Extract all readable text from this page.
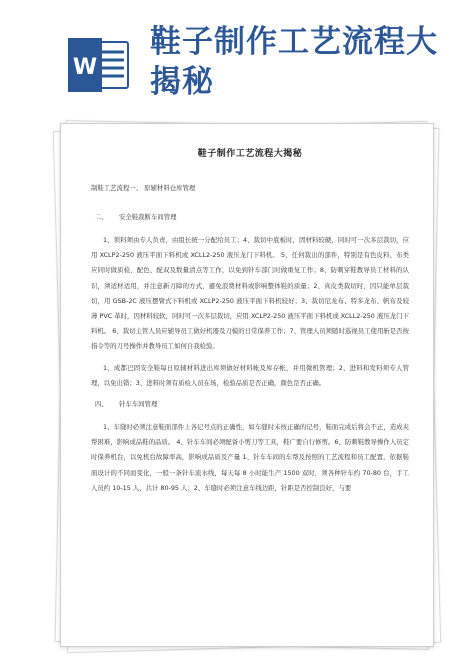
W
鞋子制作工艺流程大揭秘
鞋子制作工艺流程大揭秘

制鞋工艺流程一、 原辅材料仓库管理

二、 安全鞋裁断车间管理

1、领料须由专人负责，由组长统一分配给员工；4、裁切中底板时，固材料较硬，同时可一次多层裁切，应用 XCLP2-250 液压平面下料机或 XCLL2-250 液压龙门下料机。 5、任何裁出的部件，特别是有色皮料、布类应同时做质检，配色、配双及数量清点等工作，以免到针车部门时做重复工作；8、防刺穿鞋教导员工材料的认识，须适材适用，并注意新刀障的方式，避免浪费材料或影响整体鞋的质量；2、真皮类裁切时，因只能单层裁切，用 GSB-2C 液压摆臂式下料机或 XCLP2-250 液压平面下料机较好；3、裁切尼龙布、特多龙布、帆布及较薄 PVC 革时，因材料较软，同时可一次多层裁切，应用 XCLP2-250 液压平面下料机或 XCLL2-250 液压龙门下料机。 6、裁切主管人员应辅导员工做好机器及刀模的日常保养工作；7、管理人员须随时巡视员工使用斩是否按指令等的刀号操作并教导员工如何自我检验。

1、成都巴固安全鞋每日原辅材料进出库须做好材料帐及库存帐，并用微机管理；2、进料和发料须专人管理，以免出错；3、进料时须有质检人员在场，检验品质是否正确，颜色是否正确。

四、 针车车间管理

1、车缝时必须注意鞋面部件上各记号点的正确性，如车缝时未按正确的记号，鞋面完成后将会不正，造成夹帮困难，影响成品鞋的品质。 4、针车车间必须配备小剪刀等工具，鞋广要自行修剪。6、防刺鞋教导操作人员定时保养机台，以免机台故障率高，影响成品质及产量 1、针车车间的车帮及按照的工艺流程和员工配置，依据鞋面设计的不同而变化，一般一条针车流水线，每天每 8 小时能生产 1500 双时，须各种针车约 70-80 台，手工人员约 10-15 人，共计 80-95 人；2、车缝时必须注意车线边距，针距是否控制良好，与要
